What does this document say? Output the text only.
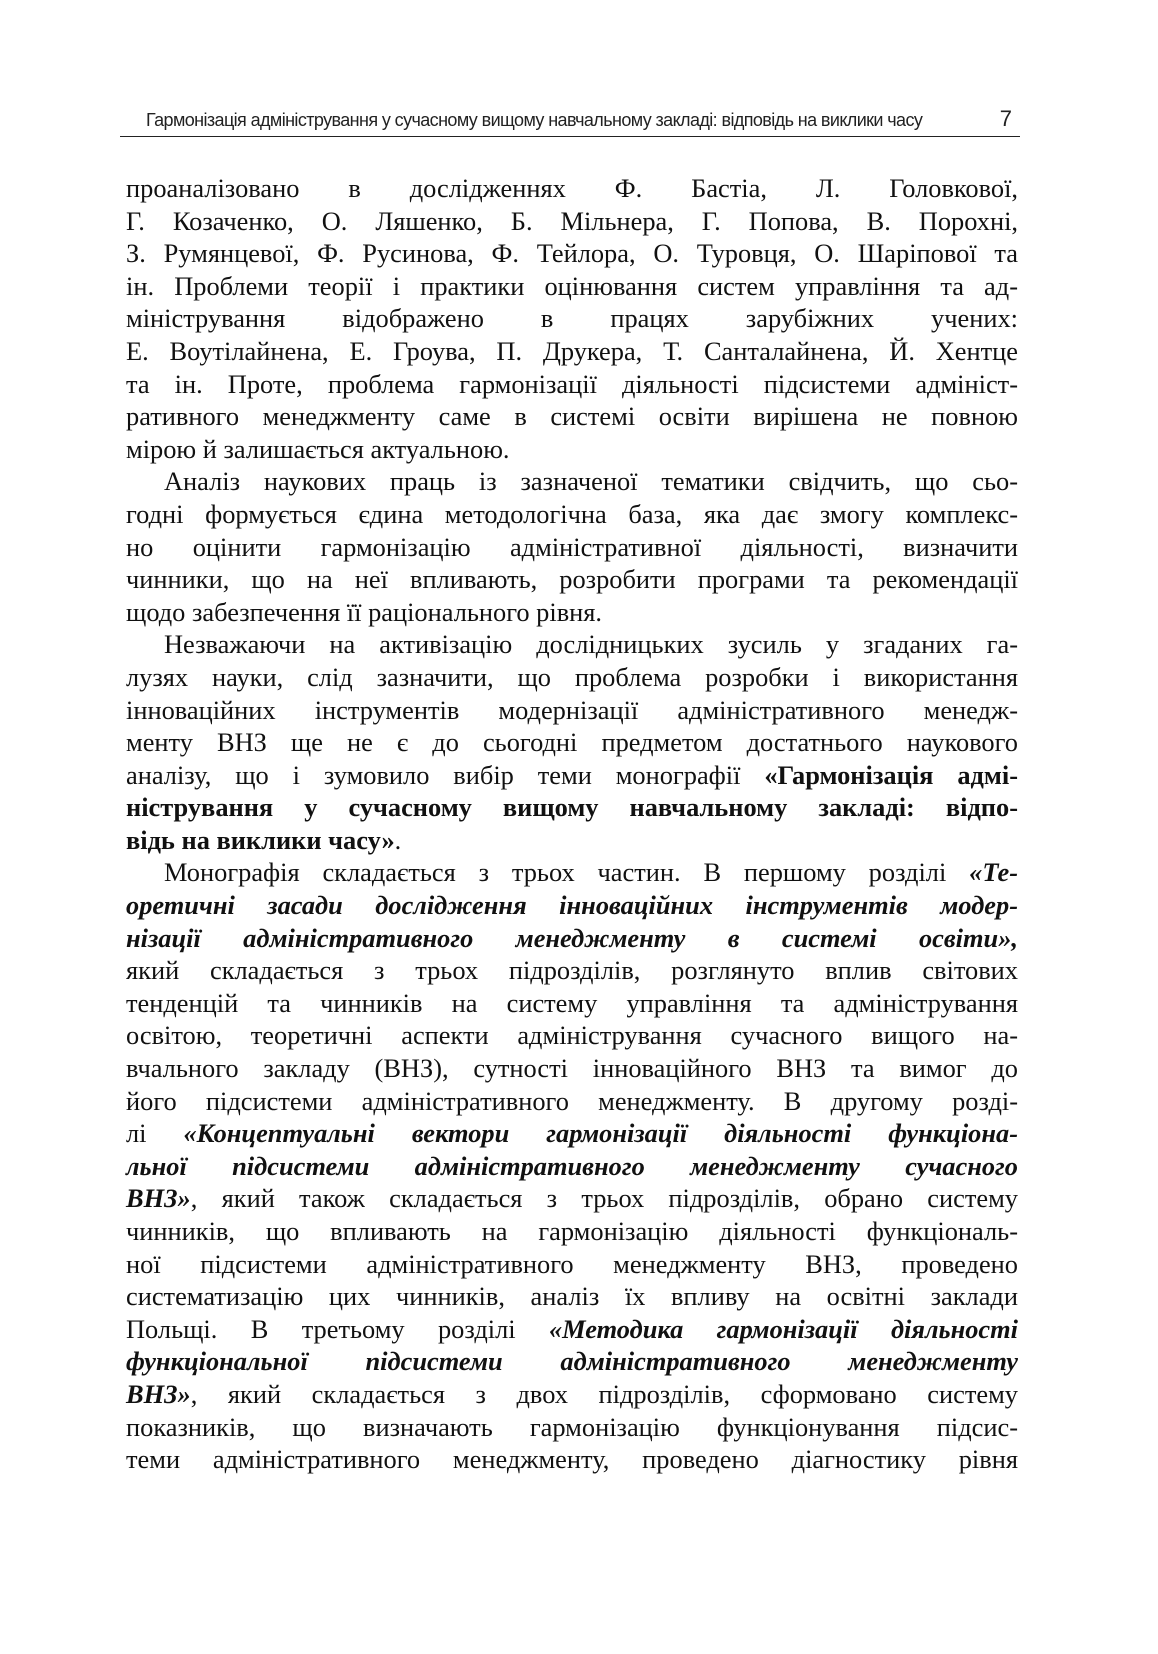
Гармонізація адміністрування у сучасному вищому навчальному закладі: відповідь на виклики часу	7
проаналізовано в дослідженнях Ф. Бастіа, Л. Головкової,
Г. Козаченко, О. Ляшенко, Б. Мільнера, Г. Попова, В. Порохні,
З. Румянцевої, Ф. Русинова, Ф. Тейлора, О. Туровця, О. Шаріпової та
ін. Проблеми теорії і практики оцінювання систем управління та ад-
міністрування відображено в працях зарубіжних учених:
Е. Воутілайнена, Е. Гроува, П. Друкера, Т. Санталайнена, Й. Хентце
та ін. Проте, проблема гармонізації діяльності підсистеми адмініст-
ративного менеджменту саме в системі освіти вирішена не повною
мірою й залишається актуальною.
Аналіз наукових праць із зазначеної тематики свідчить, що сьо-
годні формується єдина методологічна база, яка дає змогу комплекс-
но оцінити гармонізацію адміністративної діяльності, визначити
чинники, що на неї впливають, розробити програми та рекомендації
щодо забезпечення її раціонального рівня.
Незважаючи на активізацію дослідницьких зусиль у згаданих га-
лузях науки, слід зазначити, що проблема розробки і використання
інноваційних інструментів модернізації адміністративного менедж-
менту ВНЗ ще не є до сьогодні предметом достатнього наукового
аналізу, що і зумовило вибір теми монографії «Гармонізація адмі-
ністрування у сучасному вищому навчальному закладі: відпо-
відь на виклики часу».
Монографія складається з трьох частин. В першому розділі «Те-
оретичні засади дослідження інноваційних інструментів модер-
нізації адміністративного менеджменту в системі освіти»,
який складається з трьох підрозділів, розглянуто вплив світових
тенденцій та чинників на систему управління та адміністрування
освітою, теоретичні аспекти адміністрування сучасного вищого на-
вчального закладу (ВНЗ), сутності інноваційного ВНЗ та вимог до
його підсистеми адміністративного менеджменту. В другому розді-
лі «Концептуальні вектори гармонізації діяльності функціона-
льної підсистеми адміністративного менеджменту сучасного
ВНЗ», який також складається з трьох підрозділів, обрано систему
чинників, що впливають на гармонізацію діяльності функціональ-
ної підсистеми адміністративного менеджменту ВНЗ, проведено
систематизацію цих чинників, аналіз їх впливу на освітні заклади
Польщі. В третьому розділі «Методика гармонізації діяльності
функціональної підсистеми адміністративного менеджменту
ВНЗ», який складається з двох підрозділів, сформовано систему
показників, що визначають гармонізацію функціонування підсис-
теми адміністративного менеджменту, проведено діагностику рівня
